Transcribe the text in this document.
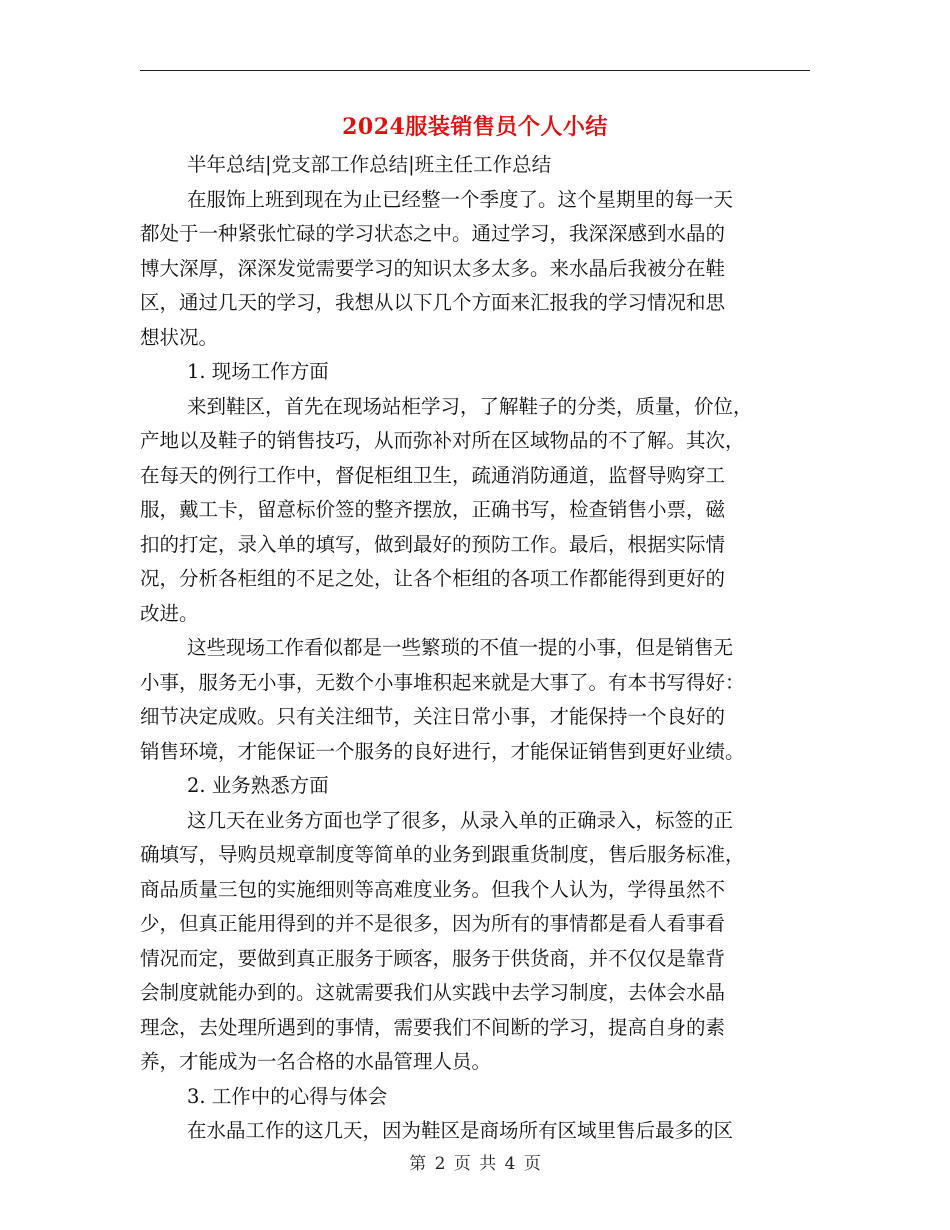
2024服装销售员个人小结
半年总结|党支部工作总结|班主任工作总结
在服饰上班到现在为止已经整一个季度了。这个星期里的每一天
都处于一种紧张忙碌的学习状态之中。通过学习，我深深感到水晶的
博大深厚，深深发觉需要学习的知识太多太多。来水晶后我被分在鞋
区，通过几天的学习，我想从以下几个方面来汇报我的学习情况和思
想状况。
1. 现场工作方面
来到鞋区，首先在现场站柜学习，了解鞋子的分类，质量，价位，
产地以及鞋子的销售技巧，从而弥补对所在区域物品的不了解。其次，
在每天的例行工作中，督促柜组卫生，疏通消防通道，监督导购穿工
服，戴工卡，留意标价签的整齐摆放，正确书写，检查销售小票，磁
扣的打定，录入单的填写，做到最好的预防工作。最后，根据实际情
况，分析各柜组的不足之处，让各个柜组的各项工作都能得到更好的
改进。
这些现场工作看似都是一些繁琐的不值一提的小事，但是销售无
小事，服务无小事，无数个小事堆积起来就是大事了。有本书写得好：
细节决定成败。只有关注细节，关注日常小事，才能保持一个良好的
销售环境，才能保证一个服务的良好进行，才能保证销售到更好业绩。
2. 业务熟悉方面
这几天在业务方面也学了很多，从录入单的正确录入，标签的正
确填写，导购员规章制度等简单的业务到跟重货制度，售后服务标准，
商品质量三包的实施细则等高难度业务。但我个人认为，学得虽然不
少，但真正能用得到的并不是很多，因为所有的事情都是看人看事看
情况而定，要做到真正服务于顾客，服务于供货商，并不仅仅是靠背
会制度就能办到的。这就需要我们从实践中去学习制度，去体会水晶
理念，去处理所遇到的事情，需要我们不间断的学习，提高自身的素
养，才能成为一名合格的水晶管理人员。
3. 工作中的心得与体会
在水晶工作的这几天，因为鞋区是商场所有区域里售后最多的区
第 2 页 共 4 页
